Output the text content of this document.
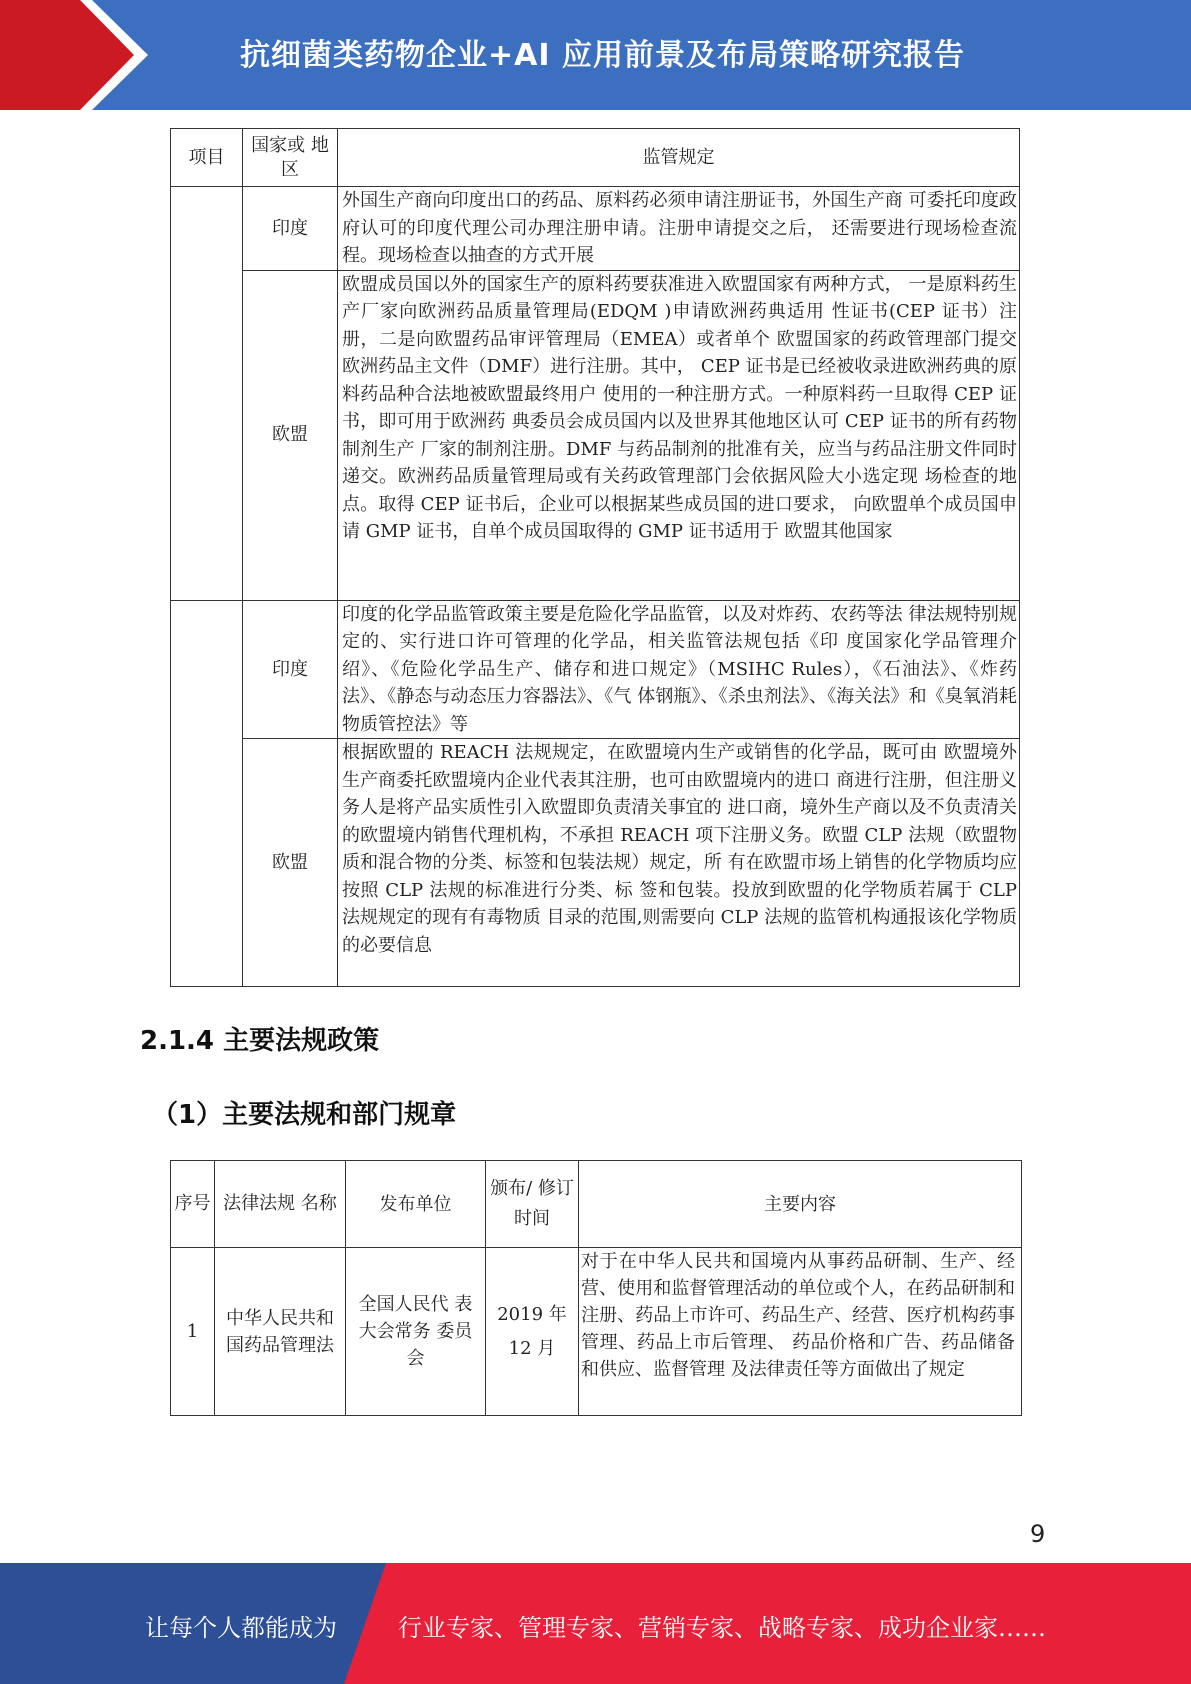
抗细菌类药物企业+AI 应用前景及布局策略研究报告
项目	国家或 地区	监管规定
	印度	外国生产商向印度出口的药品、原料药必须申请注册证书，外国生产商 可委托印度政府认可的印度代理公司办理注册申请。注册申请提交之后， 还需要进行现场检查流程。现场检查以抽查的方式开展
	欧盟	欧盟成员国以外的国家生产的原料药要获准进入欧盟国家有两种方式， 一是原料药生产厂家向欧洲药品质量管理局(EDQM )申请欧洲药典适用 性证书(CEP 证书）注册，二是向欧盟药品审评管理局（EMEA）或者单个 欧盟国家的药政管理部门提交欧洲药品主文件（DMF）进行注册。其中， CEP 证书是已经被收录进欧洲药典的原料药品种合法地被欧盟最终用户 使用的一种注册方式。一种原料药一旦取得 CEP 证书，即可用于欧洲药 典委员会成员国内以及世界其他地区认可 CEP 证书的所有药物制剂生产 厂家的制剂注册。DMF 与药品制剂的批准有关，应当与药品注册文件同时 递交。欧洲药品质量管理局或有关药政管理部门会依据风险大小选定现 场检查的地点。取得 CEP 证书后，企业可以根据某些成员国的进口要求， 向欧盟单个成员国申请 GMP 证书，自单个成员国取得的 GMP 证书适用于 欧盟其他国家
	印度	印度的化学品监管政策主要是危险化学品监管，以及对炸药、农药等法 律法规特别规定的、实行进口许可管理的化学品，相关监管法规包括《印 度国家化学品管理介绍》、《危险化学品生产、储存和进口规定》（MSIHC Rules），《石油法》、《炸药法》、《静态与动态压力容器法》、《气 体钢瓶》、《杀虫剂法》、《海关法》和《臭氧消耗物质管控法》等
	欧盟	根据欧盟的 REACH 法规规定，在欧盟境内生产或销售的化学品，既可由 欧盟境外生产商委托欧盟境内企业代表其注册，也可由欧盟境内的进口 商进行注册，但注册义务人是将产品实质性引入欧盟即负责清关事宜的 进口商，境外生产商以及不负责清关的欧盟境内销售代理机构，不承担 REACH 项下注册义务。欧盟 CLP 法规（欧盟物质和混合物的分类、标签和包装法规）规定，所 有在欧盟市场上销售的化学物质均应按照 CLP 法规的标准进行分类、标 签和包装。投放到欧盟的化学物质若属于 CLP 法规规定的现有有毒物质 目录的范围,则需要向 CLP 法规的监管机构通报该化学物质的必要信息
2.1.4 主要法规政策
（1）主要法规和部门规章
序号	法律法规 名称	发布单位	颁布/ 修订 时间	主要内容
1	中华人民共和国药品管理法	全国人民代 表大会常务 委员会	2019 年 12 月	对于在中华人民共和国境内从事药品研制、生产、经营、使用和监督管理活动的单位或个人，在药品研制和注册、药品上市许可、药品生产、经营、医疗机构药事管理、药品上市后管理、 药品价格和广告、药品储备和供应、监督管理 及法律责任等方面做出了规定
9
让每个人都能成为	行业专家、管理专家、营销专家、战略专家、成功企业家……
